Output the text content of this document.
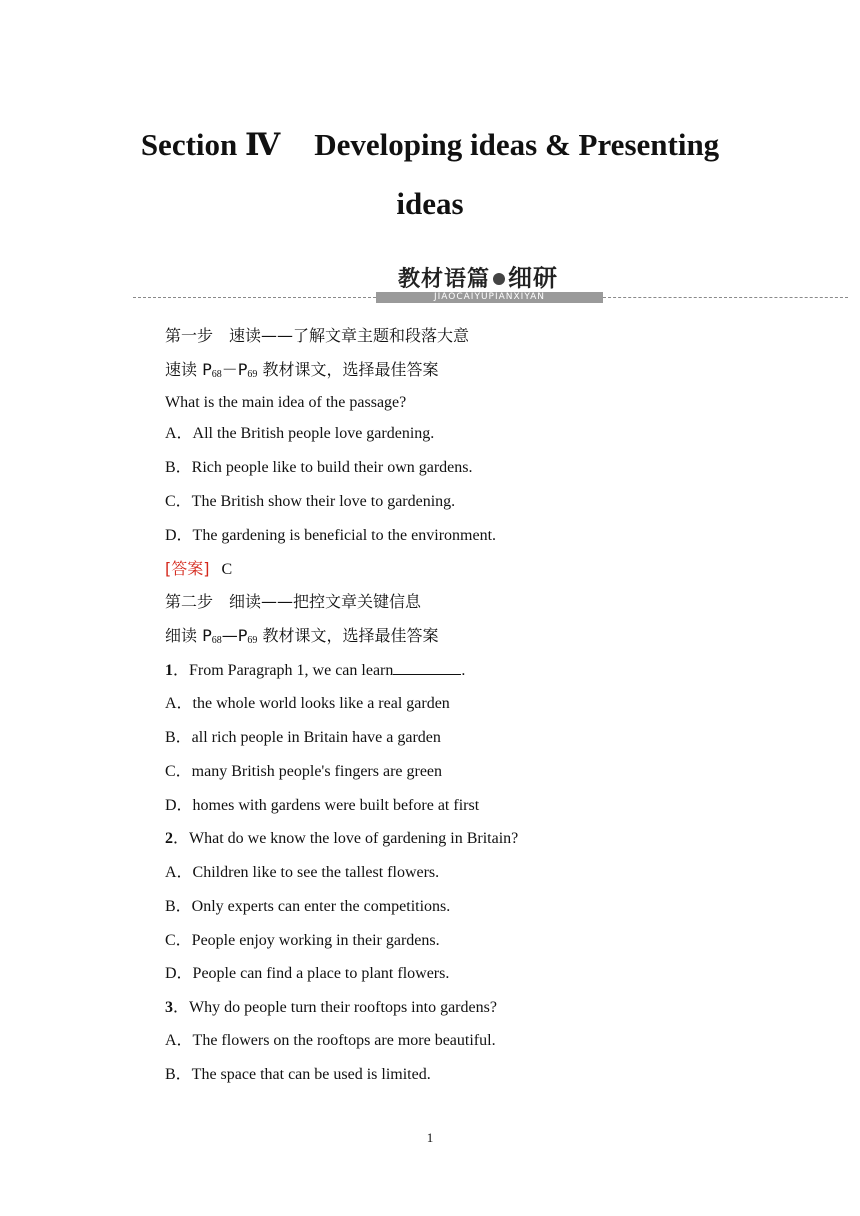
Section Ⅳ Developing ideas & Presenting
ideas
教材语篇 细研
JIAOCAIYUPIANXIYAN
第一步　速读——了解文章主题和段落大意
速读 $P_{68}-P_{69}$ 教材课文，选择最佳答案
What is the main idea of the passage?
A．All the British people love gardening.
B．Rich people like to build their own gardens.
C．The British show their love to gardening.
D．The gardening is beneficial to the environment.
[答案] C
第二步　细读——把控文章关键信息
细读 $P_{68}—P_{69}$ 教材课文，选择最佳答案
1．From Paragraph 1, we can learn	.
A．the whole world looks like a real garden
B．all rich people in Britain have a garden
C．many British people's fingers are green
D．homes with gardens were built before at first
2．What do we know the love of gardening in Britain?
A．Children like to see the tallest flowers.
B．Only experts can enter the competitions.
C．People enjoy working in their gardens.
D．People can find a place to plant flowers.
3．Why do people turn their rooftops into gardens?
A．The flowers on the rooftops are more beautiful.
B．The space that can be used is limited.
1
